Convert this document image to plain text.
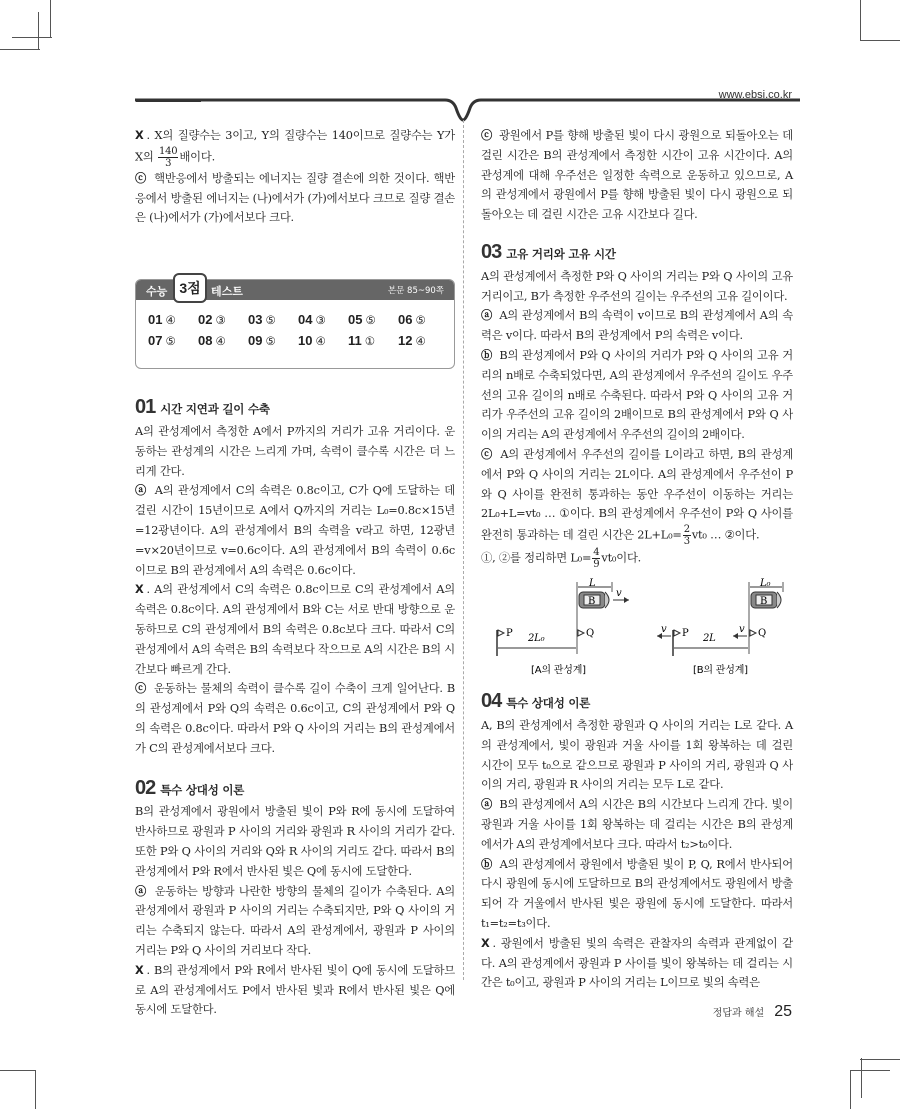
www.ebsi.co.kr

X . X의 질량수는 3이고, Y의 질량수는 140이므로 질량수는 Y가 X의 $\frac{140}{3}$ 배이다.

ⓒ 핵반응에서 방출되는 에너지는 질량 결손에 의한 것이다. 핵반응에서 방출된 에너지는 (나)에서가 (가)에서보다 크므로 질량 결손은 (나)에서가 (가)에서보다 크다.

01 시간 지연과 길이 수축

A의 관성계에서 측정한 A에서 P까지의 거리가 고유 거리이다. 운동하는 관성계의 시간은 느리게 가며, 속력이 클수록 시간은 더 느리게 간다.

ⓐ A의 관성계에서 C의 속력은 0.8c이고, C가 Q에 도달하는 데 걸린 시간이 15년이므로 A에서 Q까지의 거리는 L₀=0.8c×15년=12광년이다. A의 관성계에서 B의 속력을 v라고 하면, 12광년=v×20년이므로 v=0.6c이다. A의 관성계에서 B의 속력이 0.6c이므로 B의 관성계에서 A의 속력은 0.6c이다.

X . A의 관성계에서 C의 속력은 0.8c이므로 C의 관성계에서 A의 속력은 0.8c이다. A의 관성계에서 B와 C는 서로 반대 방향으로 운동하므로 C의 관성계에서 B의 속력은 0.8c보다 크다. 따라서 C의 관성계에서 A의 속력은 B의 속력보다 작으므로 A의 시간은 B의 시간보다 빠르게 간다.

ⓒ 운동하는 물체의 속력이 클수록 길이 수축이 크게 일어난다. B의 관성계에서 P와 Q의 속력은 0.6c이고, C의 관성계에서 P와 Q의 속력은 0.8c이다. 따라서 P와 Q 사이의 거리는 B의 관성계에서가 C의 관성계에서보다 크다.

02 특수 상대성 이론

B의 관성계에서 광원에서 방출된 빛이 P와 R에 동시에 도달하여 반사하므로 광원과 P 사이의 거리와 광원과 R 사이의 거리가 같다. 또한 P와 Q 사이의 거리와 Q와 R 사이의 거리도 같다. 따라서 B의 관성계에서 P와 R에서 반사된 빛은 Q에 동시에 도달한다.

ⓐ 운동하는 방향과 나란한 방향의 물체의 길이가 수축된다. A의 관성계에서 광원과 P 사이의 거리는 수축되지만, P와 Q 사이의 거리는 수축되지 않는다. 따라서 A의 관성계에서, 광원과 P 사이의 거리는 P와 Q 사이의 거리보다 작다.

X . B의 관성계에서 P와 R에서 반사된 빛이 Q에 동시에 도달하므로 A의 관성계에서도 P에서 반사된 빛과 R에서 반사된 빛은 Q에 동시에 도달한다.

수능	테스트	본문 85~90쪽
3점
01 ④	02 ③	03 ⑤	04 ③	05 ⑤	06 ⑤
07 ⑤	08 ④	09 ⑤	10 ④	11 ①	12 ④

ⓒ 광원에서 P를 향해 방출된 빛이 다시 광원으로 되돌아오는 데 걸린 시간은 B의 관성계에서 측정한 시간이 고유 시간이다. A의 관성계에 대해 우주선은 일정한 속력으로 운동하고 있으므로, A의 관성계에서 광원에서 P를 향해 방출된 빛이 다시 광원으로 되돌아오는 데 걸린 시간은 고유 시간보다 길다.

03 고유 거리와 고유 시간

A의 관성계에서 측정한 P와 Q 사이의 거리는 P와 Q 사이의 고유 거리이고, B가 측정한 우주선의 길이는 우주선의 고유 길이이다.

ⓐ A의 관성계에서 B의 속력이 v이므로 B의 관성계에서 A의 속력은 v이다. 따라서 B의 관성계에서 P의 속력은 v이다.

ⓑ B의 관성계에서 P와 Q 사이의 거리가 P와 Q 사이의 고유 거리의 n배로 수축되었다면, A의 관성계에서 우주선의 길이도 우주선의 고유 길이의 n배로 수축된다. 따라서 P와 Q 사이의 고유 거리가 우주선의 고유 길이의 2배이므로 B의 관성계에서 P와 Q 사이의 거리는 A의 관성계에서 우주선의 길이의 2배이다.

ⓒ A의 관성계에서 우주선의 길이를 L이라고 하면, B의 관성계에서 P와 Q 사이의 거리는 2L이다. A의 관성계에서 우주선이 P와 Q 사이를 완전히 통과하는 동안 우주선이 이동하는 거리는 2L₀+L=vt₀ … ①이다. B의 관성계에서 우주선이 P와 Q 사이를 완전히 통과하는 데 걸린 시간은 $2L+L_0= \frac{2}{3} vt_0$ … ②이다.

①, ②를 정리하면 $L_0= \frac{4}{9} vt_0$이다.

L
B
v
P	Q
2L₀
[A의 관성계]
L₀
B
P
v	Q
v
2L
[B의 관성계]
04 특수 상대성 이론

A, B의 관성계에서 측정한 광원과 Q 사이의 거리는 L로 같다. A의 관성계에서, 빛이 광원과 거울 사이를 1회 왕복하는 데 걸린 시간이 모두 t₀으로 같으므로 광원과 P 사이의 거리, 광원과 Q 사이의 거리, 광원과 R 사이의 거리는 모두 L로 같다.

ⓐ B의 관성계에서 A의 시간은 B의 시간보다 느리게 간다. 빛이 광원과 거울 사이를 1회 왕복하는 데 걸리는 시간은 B의 관성계에서가 A의 관성계에서보다 크다. 따라서 t₂>t₀이다.

ⓑ A의 관성계에서 광원에서 방출된 빛이 P, Q, R에서 반사되어 다시 광원에 동시에 도달하므로 B의 관성계에서도 광원에서 방출되어 각 거울에서 반사된 빛은 광원에 동시에 도달한다. 따라서 t₁=t₂=t₃이다.

X . 광원에서 방출된 빛의 속력은 관찰자의 속력과 관계없이 같다. A의 관성계에서 광원과 P 사이를 빛이 왕복하는 데 걸리는 시간은 t₀이고, 광원과 P 사이의 거리는 L이므로 빛의 속력은

정답과 해설 25
